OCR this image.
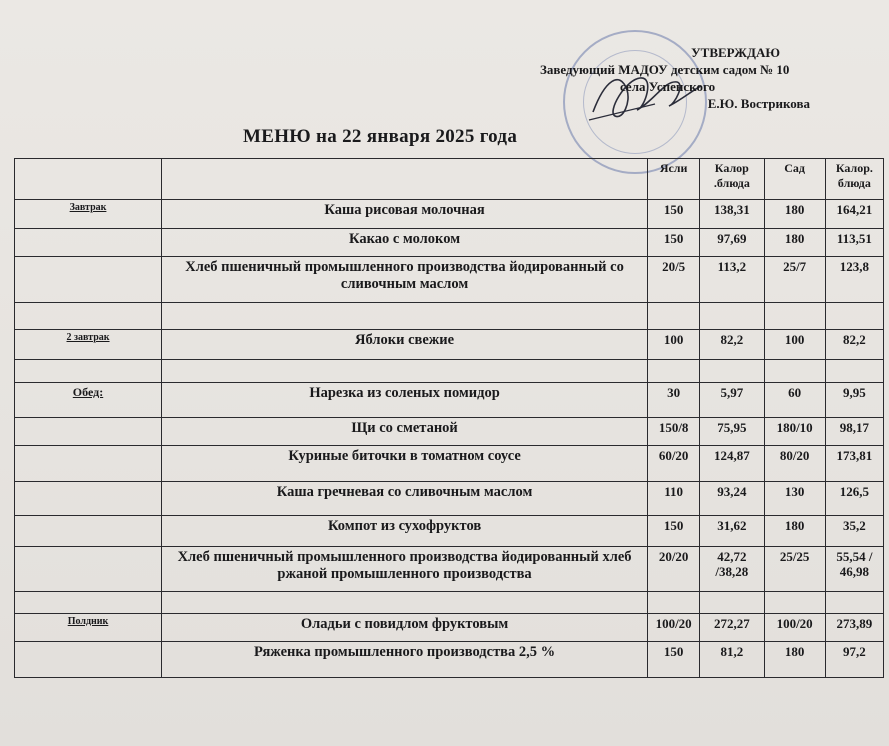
УТВЕРЖДАЮ
Заведующий МАДОУ детским садом № 10
села Успенского
Е.Ю. Вострикова
МЕНЮ на 22 января 2025 года
		Ясли	Калор .блюда	Сад	Калор. блюда
Завтрак	Каша рисовая молочная	150	138,31	180	164,21
	Какао с молоком	150	97,69	180	113,51
	Хлеб пшеничный промышленного производства йодированный со сливочным маслом	20/5	113,2	25/7	123,8

2 завтрак	Яблоки свежие	100	82,2	100	82,2

Обед:	Нарезка из соленых помидор	30	5,97	60	9,95
	Щи со сметаной	150/8	75,95	180/10	98,17
	Куриные биточки в томатном соусе	60/20	124,87	80/20	173,81
	Каша гречневая со сливочным маслом	110	93,24	130	126,5
	Компот из сухофруктов	150	31,62	180	35,2
	Хлеб пшеничный промышленного производства йодированный хлеб ржаной промышленного производства	20/20	42,72 /38,28	25/25	55,54 / 46,98

Полдник	Оладьи с повидлом фруктовым	100/20	272,27	100/20	273,89
	Ряженка промышленного производства 2,5 %	150	81,2	180	97,2
